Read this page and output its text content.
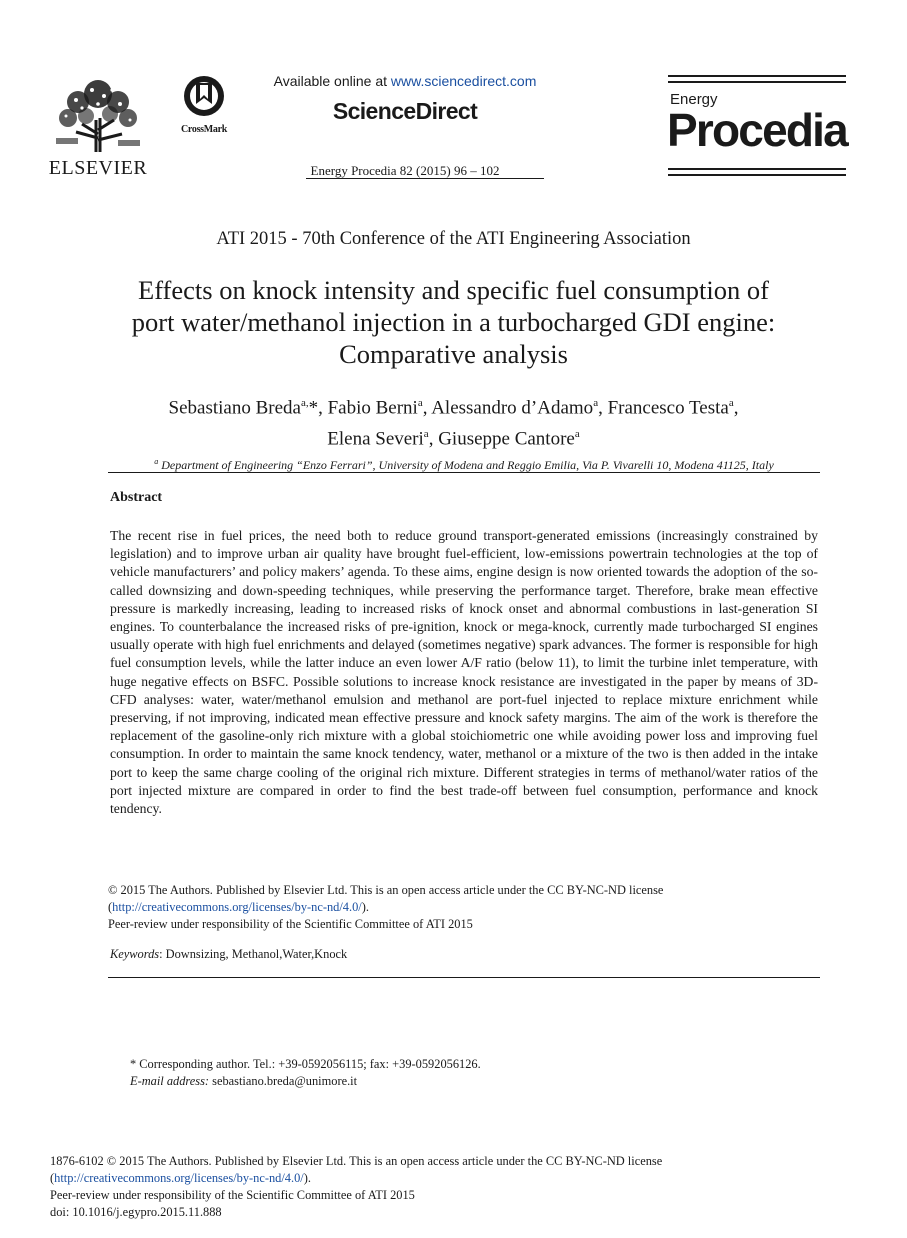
ELSEVIER
CrossMark
Available online at www.sciencedirect.com
ScienceDirect
Energy Procedia 82 (2015) 96 – 102
Energy
Procedia
ATI 2015 - 70th Conference of the ATI Engineering Association
Effects on knock intensity and specific fuel consumption of
port water/methanol injection in a turbocharged GDI engine:
Comparative analysis
Sebastiano Breda$^{a,}$*, Fabio Berni$^a$, Alessandro d’Adamo$^a$, Francesco Testa$^a$,
Elena Severi$^a$, Giuseppe Cantore$^a$
$^a$ Department of Engineering “Enzo Ferrari”, University of Modena and Reggio Emilia, Via P. Vivarelli 10, Modena 41125, Italy
Abstract
The recent rise in fuel prices, the need both to reduce ground transport-generated emissions (increasingly constrained by legislation) and to improve urban air quality have brought fuel-efficient, low-emissions powertrain technologies at the top of vehicle manufacturers’ and policy makers’ agenda. To these aims, engine design is now oriented towards the adoption of the so-called downsizing and down-speeding techniques, while preserving the performance target. Therefore, brake mean effective pressure is markedly increasing, leading to increased risks of knock onset and abnormal combustions in last-generation SI engines. To counterbalance the increased risks of pre-ignition, knock or mega-knock, currently made turbocharged SI engines usually operate with high fuel enrichments and delayed (sometimes negative) spark advances. The former is responsible for high fuel consumption levels, while the latter induce an even lower A/F ratio (below 11), to limit the turbine inlet temperature, with huge negative effects on BSFC. Possible solutions to increase knock resistance are investigated in the paper by means of 3D-CFD analyses: water, water/methanol emulsion and methanol are port-fuel injected to replace mixture enrichment while preserving, if not improving, indicated mean effective pressure and knock safety margins. The aim of the work is therefore the replacement of the gasoline-only rich mixture with a global stoichiometric one while avoiding power loss and improving fuel consumption. In order to maintain the same knock tendency, water, methanol or a mixture of the two is then added in the intake port to keep the same charge cooling of the original rich mixture. Different strategies in terms of methanol/water ratios of the port injected mixture are compared in order to find the best trade-off between fuel consumption, performance and knock tendency.
© 2015 The Authors. Published by Elsevier Ltd. This is an open access article under the CC BY-NC-ND license
(http://creativecommons.org/licenses/by-nc-nd/4.0/).
Peer-review under responsibility of the Scientific Committee of ATI 2015
Keywords: Downsizing, Methanol,Water,Knock
* Corresponding author. Tel.: +39-0592056115; fax: +39-0592056126.
E-mail address: sebastiano.breda@unimore.it
1876-6102 © 2015 The Authors. Published by Elsevier Ltd. This is an open access article under the CC BY-NC-ND license
(http://creativecommons.org/licenses/by-nc-nd/4.0/).
Peer-review under responsibility of the Scientific Committee of ATI 2015
doi: 10.1016/j.egypro.2015.11.888
